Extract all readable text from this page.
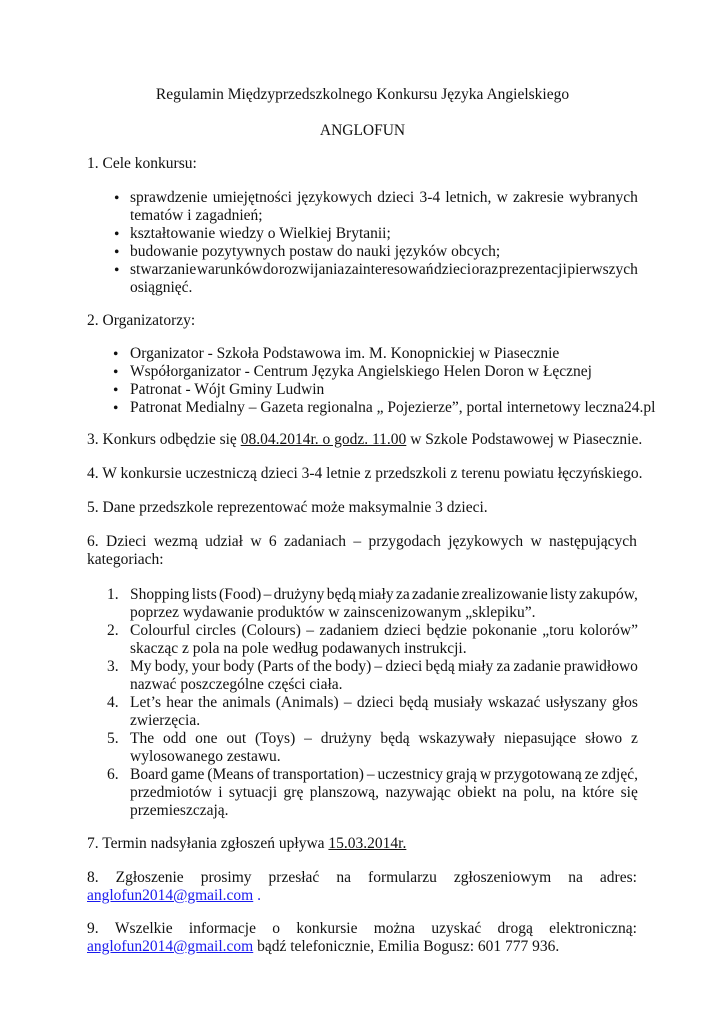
Regulamin Międzyprzedszkolnego Konkursu Języka Angielskiego
ANGLOFUN
1. Cele konkursu:
• sprawdzenie umiejętności językowych dzieci 3-4 letnich, w zakresie wybranych
tematów i zagadnień;
• kształtowanie wiedzy o Wielkiej Brytanii;
• budowanie pozytywnych postaw do nauki języków obcych;
• stwarzanie warunków do rozwijania zainteresowań dzieci oraz prezentacji pierwszych
osiągnięć.
2. Organizatorzy:
• Organizator - Szkoła Podstawowa im. M. Konopnickiej w Piasecznie
• Współorganizator - Centrum Języka Angielskiego Helen Doron w Łęcznej
• Patronat - Wójt Gminy Ludwin
• Patronat Medialny – Gazeta regionalna „ Pojezierze”, portal internetowy leczna24.pl
3. Konkurs odbędzie się 08.04.2014r. o godz. 11.00 w Szkole Podstawowej w Piasecznie.
4. W konkursie uczestniczą dzieci 3-4 letnie z przedszkoli z terenu powiatu łęczyńskiego.
5. Dane przedszkole reprezentować może maksymalnie 3 dzieci.
6. Dzieci wezmą udział w 6 zadaniach – przygodach językowych w następujących
kategoriach:
1. Shopping lists (Food) – drużyny będą miały za zadanie zrealizowanie listy zakupów,
poprzez wydawanie produktów w zainscenizowanym „sklepiku”.
2. Colourful circles (Colours) – zadaniem dzieci będzie pokonanie „toru kolorów”
skacząc z pola na pole według podawanych instrukcji.
3. My body, your body (Parts of the body) – dzieci będą miały za zadanie prawidłowo
nazwać poszczególne części ciała.
4. Let’s hear the animals (Animals) – dzieci będą musiały wskazać usłyszany głos
zwierzęcia.
5. The odd one out (Toys) – drużyny będą wskazywały niepasujące słowo z
wylosowanego zestawu.
6. Board game (Means of transportation) – uczestnicy grają w przygotowaną ze zdjęć,
przedmiotów i sytuacji grę planszową, nazywając obiekt na polu, na które się
przemieszczają.
7. Termin nadsyłania zgłoszeń upływa 15.03.2014r.
8. Zgłoszenie prosimy przesłać na formularzu zgłoszeniowym na adres:
anglofun2014@gmail.com .
9. Wszelkie informacje o konkursie można uzyskać drogą elektroniczną:
anglofun2014@gmail.com bądź telefonicznie, Emilia Bogusz: 601 777 936.
